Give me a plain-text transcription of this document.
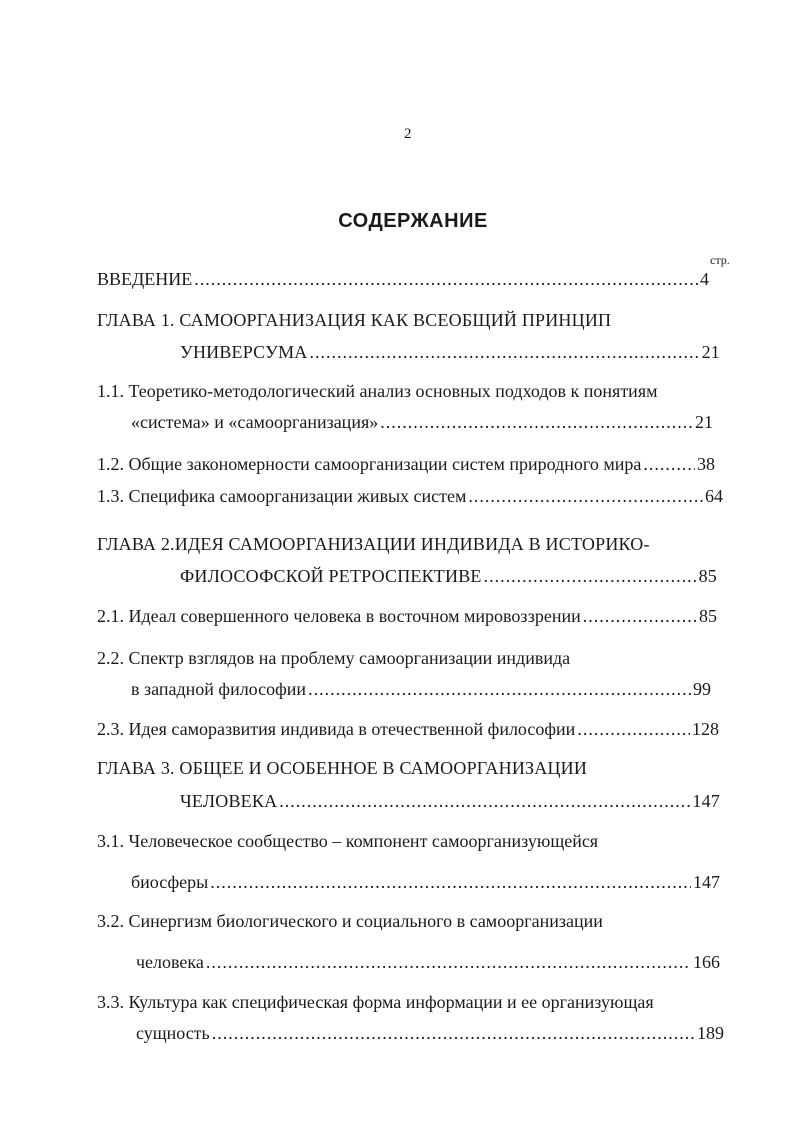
2
СОДЕРЖАНИЕ
стр.
ВВЕДЕНИЕ .....	4
ГЛАВА 1. САМООРГАНИЗАЦИЯ КАК ВСЕОБЩИЙ ПРИНЦИП
УНИВЕРСУМА .....	21
1.1. Теоретико-методологический анализ основных подходов к понятиям
«система» и «самоорганизация» .....	21
1.2. Общие закономерности самоорганизации систем природного мира .....	38
1.3. Специфика самоорганизации живых систем .....	64
ГЛАВА 2.ИДЕЯ САМООРГАНИЗАЦИИ ИНДИВИДА В ИСТОРИКО-
ФИЛОСОФСКОЙ РЕТРОСПЕКТИВЕ .....	85
2.1. Идеал совершенного человека в восточном мировоззрении .....	85
2.2. Спектр взглядов на проблему самоорганизации индивида
в западной философии .....	99
2.3. Идея саморазвития индивида в отечественной философии .....	128
ГЛАВА 3. ОБЩЕЕ И ОСОБЕННОЕ В САМООРГАНИЗАЦИИ
ЧЕЛОВЕКА .....	147
3.1. Человеческое сообщество – компонент самоорганизующейся
биосферы .....	147
3.2. Синергизм биологического и социального в самоорганизации
человека .....	166
3.3. Культура как специфическая форма информации и ее организующая
сущность .....	189
